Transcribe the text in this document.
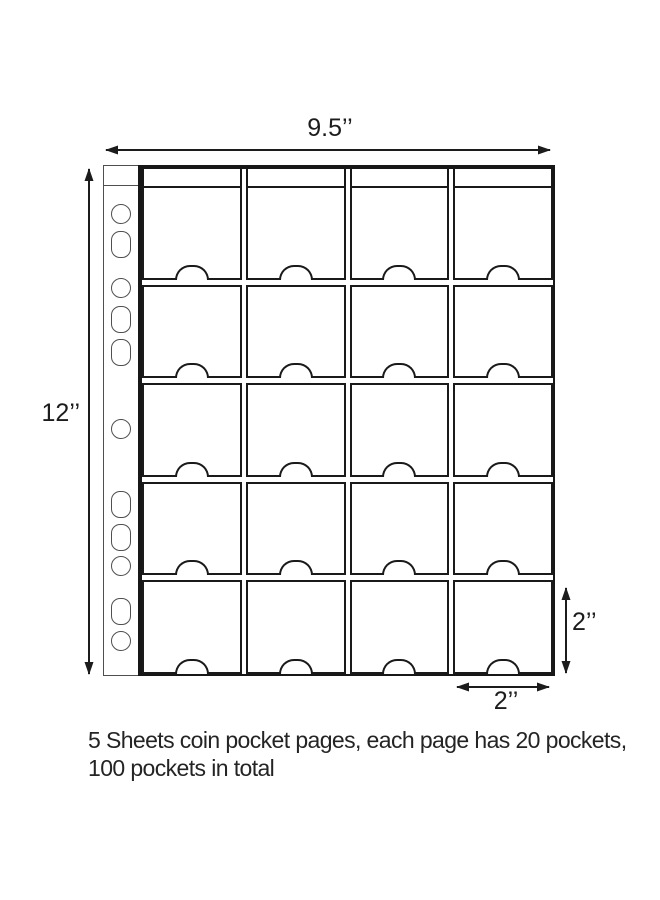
9.5’’
12’’
2’’
2’’
5 Sheets coin pocket pages, each page has 20 pockets,
100 pockets in total
